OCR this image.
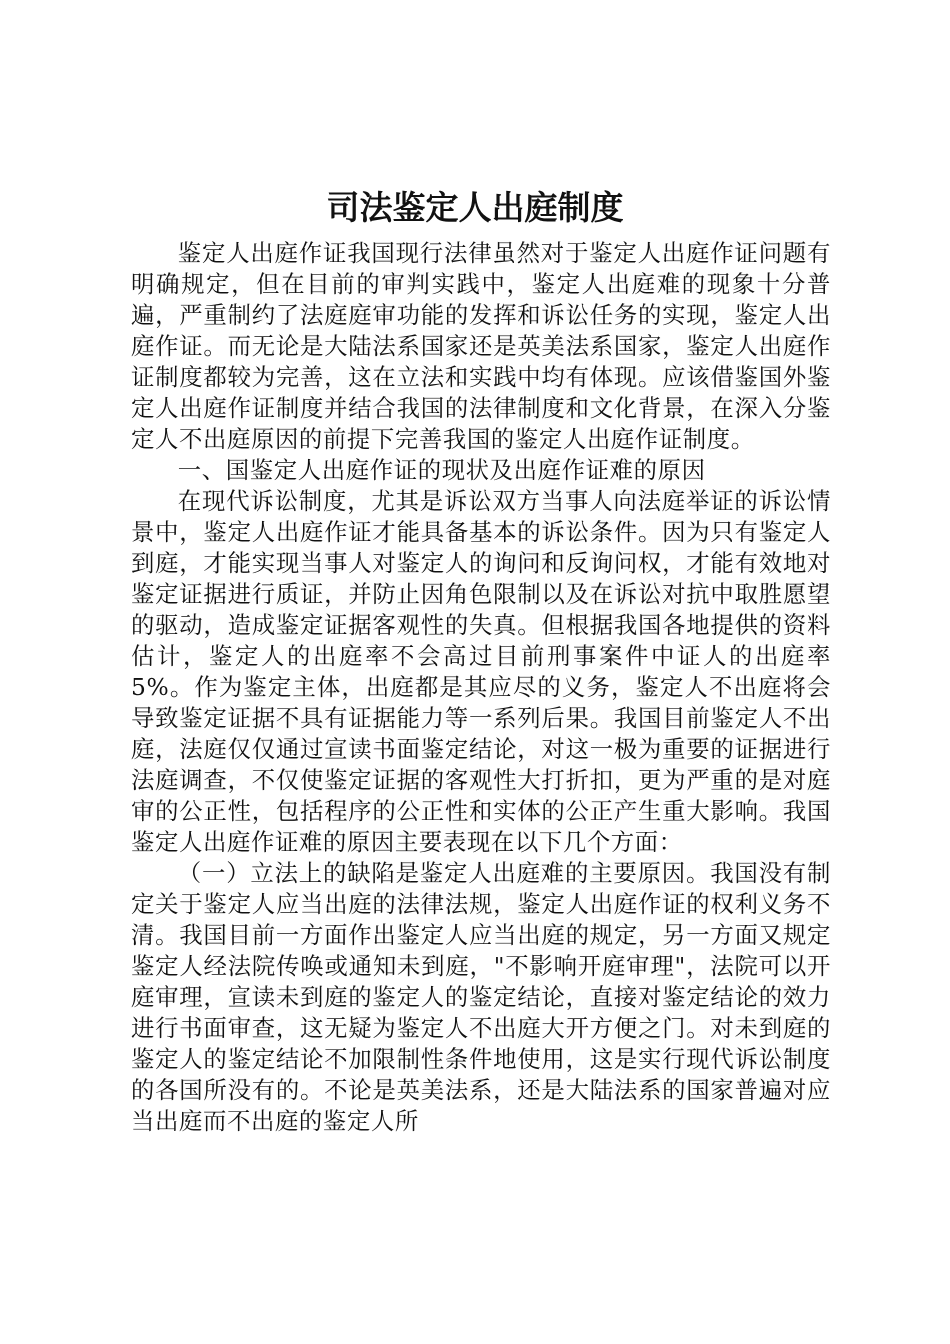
司法鉴定人出庭制度

鉴定人出庭作证我国现行法律虽然对于鉴定人出庭作证问题有明确规定，但在目前的审判实践中，鉴定人出庭难的现象十分普遍，严重制约了法庭庭审功能的发挥和诉讼任务的实现，鉴定人出庭作证。而无论是大陆法系国家还是英美法系国家，鉴定人出庭作证制度都较为完善，这在立法和实践中均有体现。应该借鉴国外鉴定人出庭作证制度并结合我国的法律制度和文化背景，在深入分鉴定人不出庭原因的前提下完善我国的鉴定人出庭作证制度。

一、国鉴定人出庭作证的现状及出庭作证难的原因

在现代诉讼制度，尤其是诉讼双方当事人向法庭举证的诉讼情景中，鉴定人出庭作证才能具备基本的诉讼条件。因为只有鉴定人到庭，才能实现当事人对鉴定人的询问和反询问权，才能有效地对鉴定证据进行质证，并防止因角色限制以及在诉讼对抗中取胜愿望的驱动，造成鉴定证据客观性的失真。但根据我国各地提供的资料估计，鉴定人的出庭率不会高过目前刑事案件中证人的出庭率5%。作为鉴定主体，出庭都是其应尽的义务，鉴定人不出庭将会导致鉴定证据不具有证据能力等一系列后果。我国目前鉴定人不出庭，法庭仅仅通过宣读书面鉴定结论，对这一极为重要的证据进行法庭调查，不仅使鉴定证据的客观性大打折扣，更为严重的是对庭审的公正性，包括程序的公正性和实体的公正产生重大影响。我国鉴定人出庭作证难的原因主要表现在以下几个方面：

（一）立法上的缺陷是鉴定人出庭难的主要原因。我国没有制定关于鉴定人应当出庭的法律法规，鉴定人出庭作证的权利义务不清。我国目前一方面作出鉴定人应当出庭的规定，另一方面又规定鉴定人经法院传唤或通知未到庭，"不影响开庭审理"，法院可以开庭审理，宣读未到庭的鉴定人的鉴定结论，直接对鉴定结论的效力进行书面审查，这无疑为鉴定人不出庭大开方便之门。对未到庭的鉴定人的鉴定结论不加限制性条件地使用，这是实行现代诉讼制度的各国所没有的。不论是英美法系，还是大陆法系的国家普遍对应当出庭而不出庭的鉴定人所
